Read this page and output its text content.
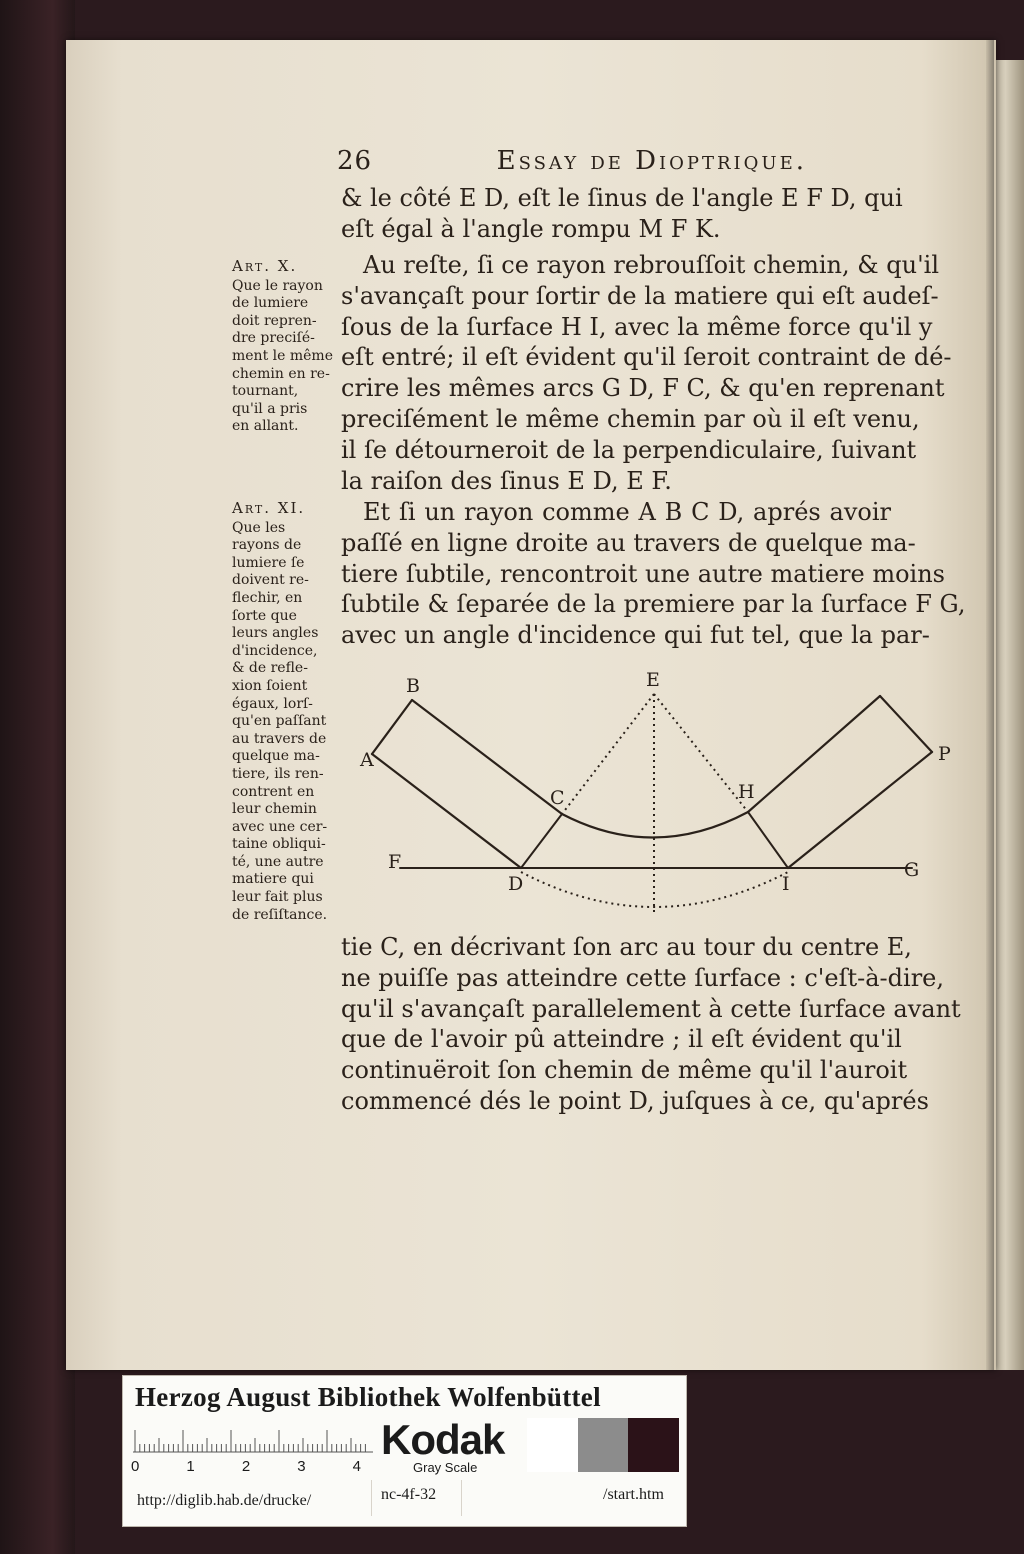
26	Essay de Dioptrique.
& le côté E D, eſt le ſinus de l'angle E F D, qui
eſt égal à l'angle rompu M F K.
Au reſte, ſi ce rayon rebrouſſoit chemin, & qu'il
s'avançaſt pour ſortir de la matiere qui eſt audeſ-
ſous de la ſurface H I, avec la même force qu'il y
eſt entré; il eſt évident qu'il ſeroit contraint de dé-
crire les mêmes arcs G D, F C, & qu'en reprenant
preciſément le même chemin par où il eſt venu,
il ſe détourneroit de la perpendiculaire, ſuivant
la raiſon des ſinus E D, E F.
Et ſi un rayon comme A B C D, aprés avoir
paſſé en ligne droite au travers de quelque ma-
tiere ſubtile, rencontroit une autre matiere moins
ſubtile & ſeparée de la premiere par la ſurface F G,
avec un angle d'incidence qui fut tel, que la par-
tie C, en décrivant ſon arc au tour du centre E,
ne puiſſe pas atteindre cette ſurface : c'eſt-à-dire,
qu'il s'avançaſt parallelement à cette ſurface avant
que de l'avoir pû atteindre ; il eſt évident qu'il
continuëroit ſon chemin de même qu'il l'auroit
commencé dés le point D, juſques à ce, qu'aprés
Art. X.
Que le rayon
de lumiere
doit repren-
dre preciſé-
ment le même
chemin en re-
tournant,
qu'il a pris
en allant.
Art. XI.
Que les
rayons de
lumiere ſe
doivent re-
flechir, en
ſorte que
leurs angles
d'incidence,
& de refle-
xion ſoient
égaux, lorſ-
qu'en paſſant
au travers de
quelque ma-
tiere, ils ren-
contrent en
leur chemin
avec une cer-
taine obliqui-
té, une autre
matiere qui
leur fait plus
de reſiſtance.
A
B
C
D
E
F	G
H
I
P
Herzog August Bibliothek Wolfenbüttel
0	1	2	3	4
Kodak
Gray Scale
http://diglib.hab.de/drucke/	nc-4f-32	/start.htm
